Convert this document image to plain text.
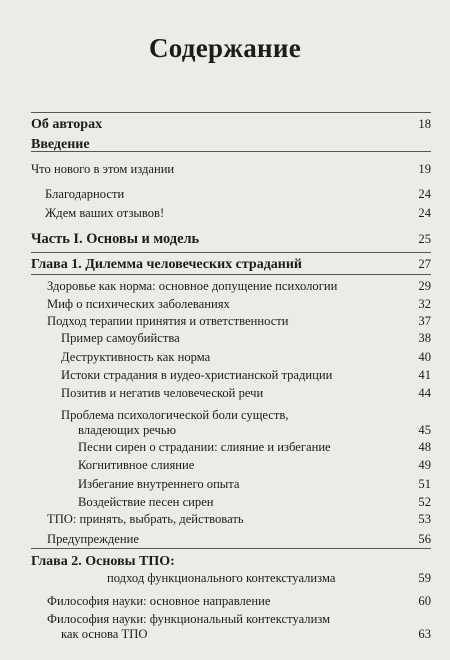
Содержание
Об авторах	18
Введение
Что нового в этом издании	19
Благодарности	24
Ждем ваших отзывов!	24
Часть I. Основы и модель	25
Глава 1. Дилемма человеческих страданий	27
Здоровье как норма: основное допущение психологии	29
Миф о психических заболеваниях	32
Подход терапии принятия и ответственности	37
Пример самоубийства	38
Деструктивность как норма	40
Истоки страдания в иудео-христианской традиции	41
Позитив и негатив человеческой речи	44
Проблема психологической боли существ,
владеющих речью	45
Песни сирен о страдании: слияние и избегание	48
Когнитивное слияние	49
Избегание внутреннего опыта	51
Воздействие песен сирен	52
ТПО: принять, выбрать, действовать	53
Предупреждение	56
Глава 2. Основы ТПО:
подход функционального контекстуализма	59
Философия науки: основное направление	60
Философия науки: функциональный контекстуализм
как основа ТПО	63
